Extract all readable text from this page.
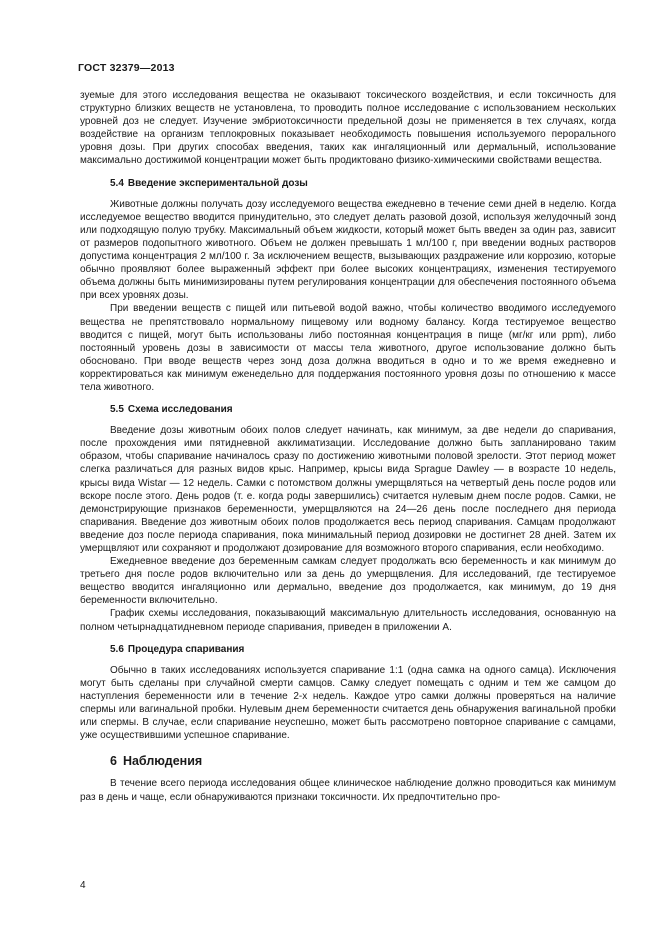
ГОСТ 32379—2013

зуемые для этого исследования вещества не оказывают токсического воздействия, и если токсичность для структурно близких веществ не установлена, то проводить полное исследование с использованием нескольких уровней доз не следует. Изучение эмбриотоксичности предельной дозы не применяется в тех случаях, когда воздействие на организм теплокровных показывает необходимость повышения используемого перорального уровня дозы. При других способах введения, таких как ингаляционный или дермальный, использование максимально достижимой концентрации может быть продиктовано физико-химическими свойствами вещества.

5.4 Введение экспериментальной дозы

Животные должны получать дозу исследуемого вещества ежедневно в течение семи дней в неделю. Когда исследуемое вещество вводится принудительно, это следует делать разовой дозой, используя желудочный зонд или подходящую полую трубку. Максимальный объем жидкости, который может быть введен за один раз, зависит от размеров подопытного животного. Объем не должен превышать 1 мл/100 г, при введении водных растворов допустима концентрация 2 мл/100 г. За исключением веществ, вызывающих раздражение или коррозию, которые обычно проявляют более выраженный эффект при более высоких концентрациях, изменения тестируемого объема должны быть минимизированы путем регулирования концентрации для обеспечения постоянного объема при всех уровнях дозы.

При введении веществ с пищей или питьевой водой важно, чтобы количество вводимого исследуемого вещества не препятствовало нормальному пищевому или водному балансу. Когда тестируемое вещество вводится с пищей, могут быть использованы либо постоянная концентрация в пище (мг/кг или ppm), либо постоянный уровень дозы в зависимости от массы тела животного, другое использование должно быть обосновано. При вводе веществ через зонд доза должна вводиться в одно и то же время ежедневно и корректироваться как минимум еженедельно для поддержания постоянного уровня дозы по отношению к массе тела животного.

5.5 Схема исследования

Введение дозы животным обоих полов следует начинать, как минимум, за две недели до спаривания, после прохождения ими пятидневной акклиматизации. Исследование должно быть запланировано таким образом, чтобы спаривание начиналось сразу по достижению животными половой зрелости. Этот период может слегка различаться для разных видов крыс. Например, крысы вида Sprague Dawley — в возрасте 10 недель, крысы вида Wistar — 12 недель. Самки с потомством должны умерщвляться на четвертый день после родов или вскоре после этого. День родов (т. е. когда роды завершились) считается нулевым днем после родов. Самки, не демонстрирующие признаков беременности, умерщвляются на 24—26 день после последнего дня периода спаривания. Введение доз животным обоих полов продолжается весь период спаривания. Самцам продолжают введение доз после периода спаривания, пока минимальный период дозировки не достигнет 28 дней. Затем их умерщвляют или сохраняют и продолжают дозирование для возможного второго спаривания, если необходимо.

Ежедневное введение доз беременным самкам следует продолжать всю беременность и как минимум до третьего дня после родов включительно или за день до умерщвления. Для исследований, где тестируемое вещество вводится ингаляционно или дермально, введение доз продолжается, как минимум, до 19 дня беременности включительно.

График схемы исследования, показывающий максимальную длительность исследования, основанную на полном четырнадцатидневном периоде спаривания, приведен в приложении А.

5.6 Процедура спаривания

Обычно в таких исследованиях используется спаривание 1:1 (одна самка на одного самца). Исключения могут быть сделаны при случайной смерти самцов. Самку следует помещать с одним и тем же самцом до наступления беременности или в течение 2-х недель. Каждое утро самки должны проверяться на наличие спермы или вагинальной пробки. Нулевым днем беременности считается день обнаружения вагинальной пробки или спермы. В случае, если спаривание неуспешно, может быть рассмотрено повторное спаривание с самцами, уже осуществившими успешное спаривание.

6 Наблюдения

В течение всего периода исследования общее клиническое наблюдение должно проводиться как минимум раз в день и чаще, если обнаруживаются признаки токсичности. Их предпочтительно про-

4
